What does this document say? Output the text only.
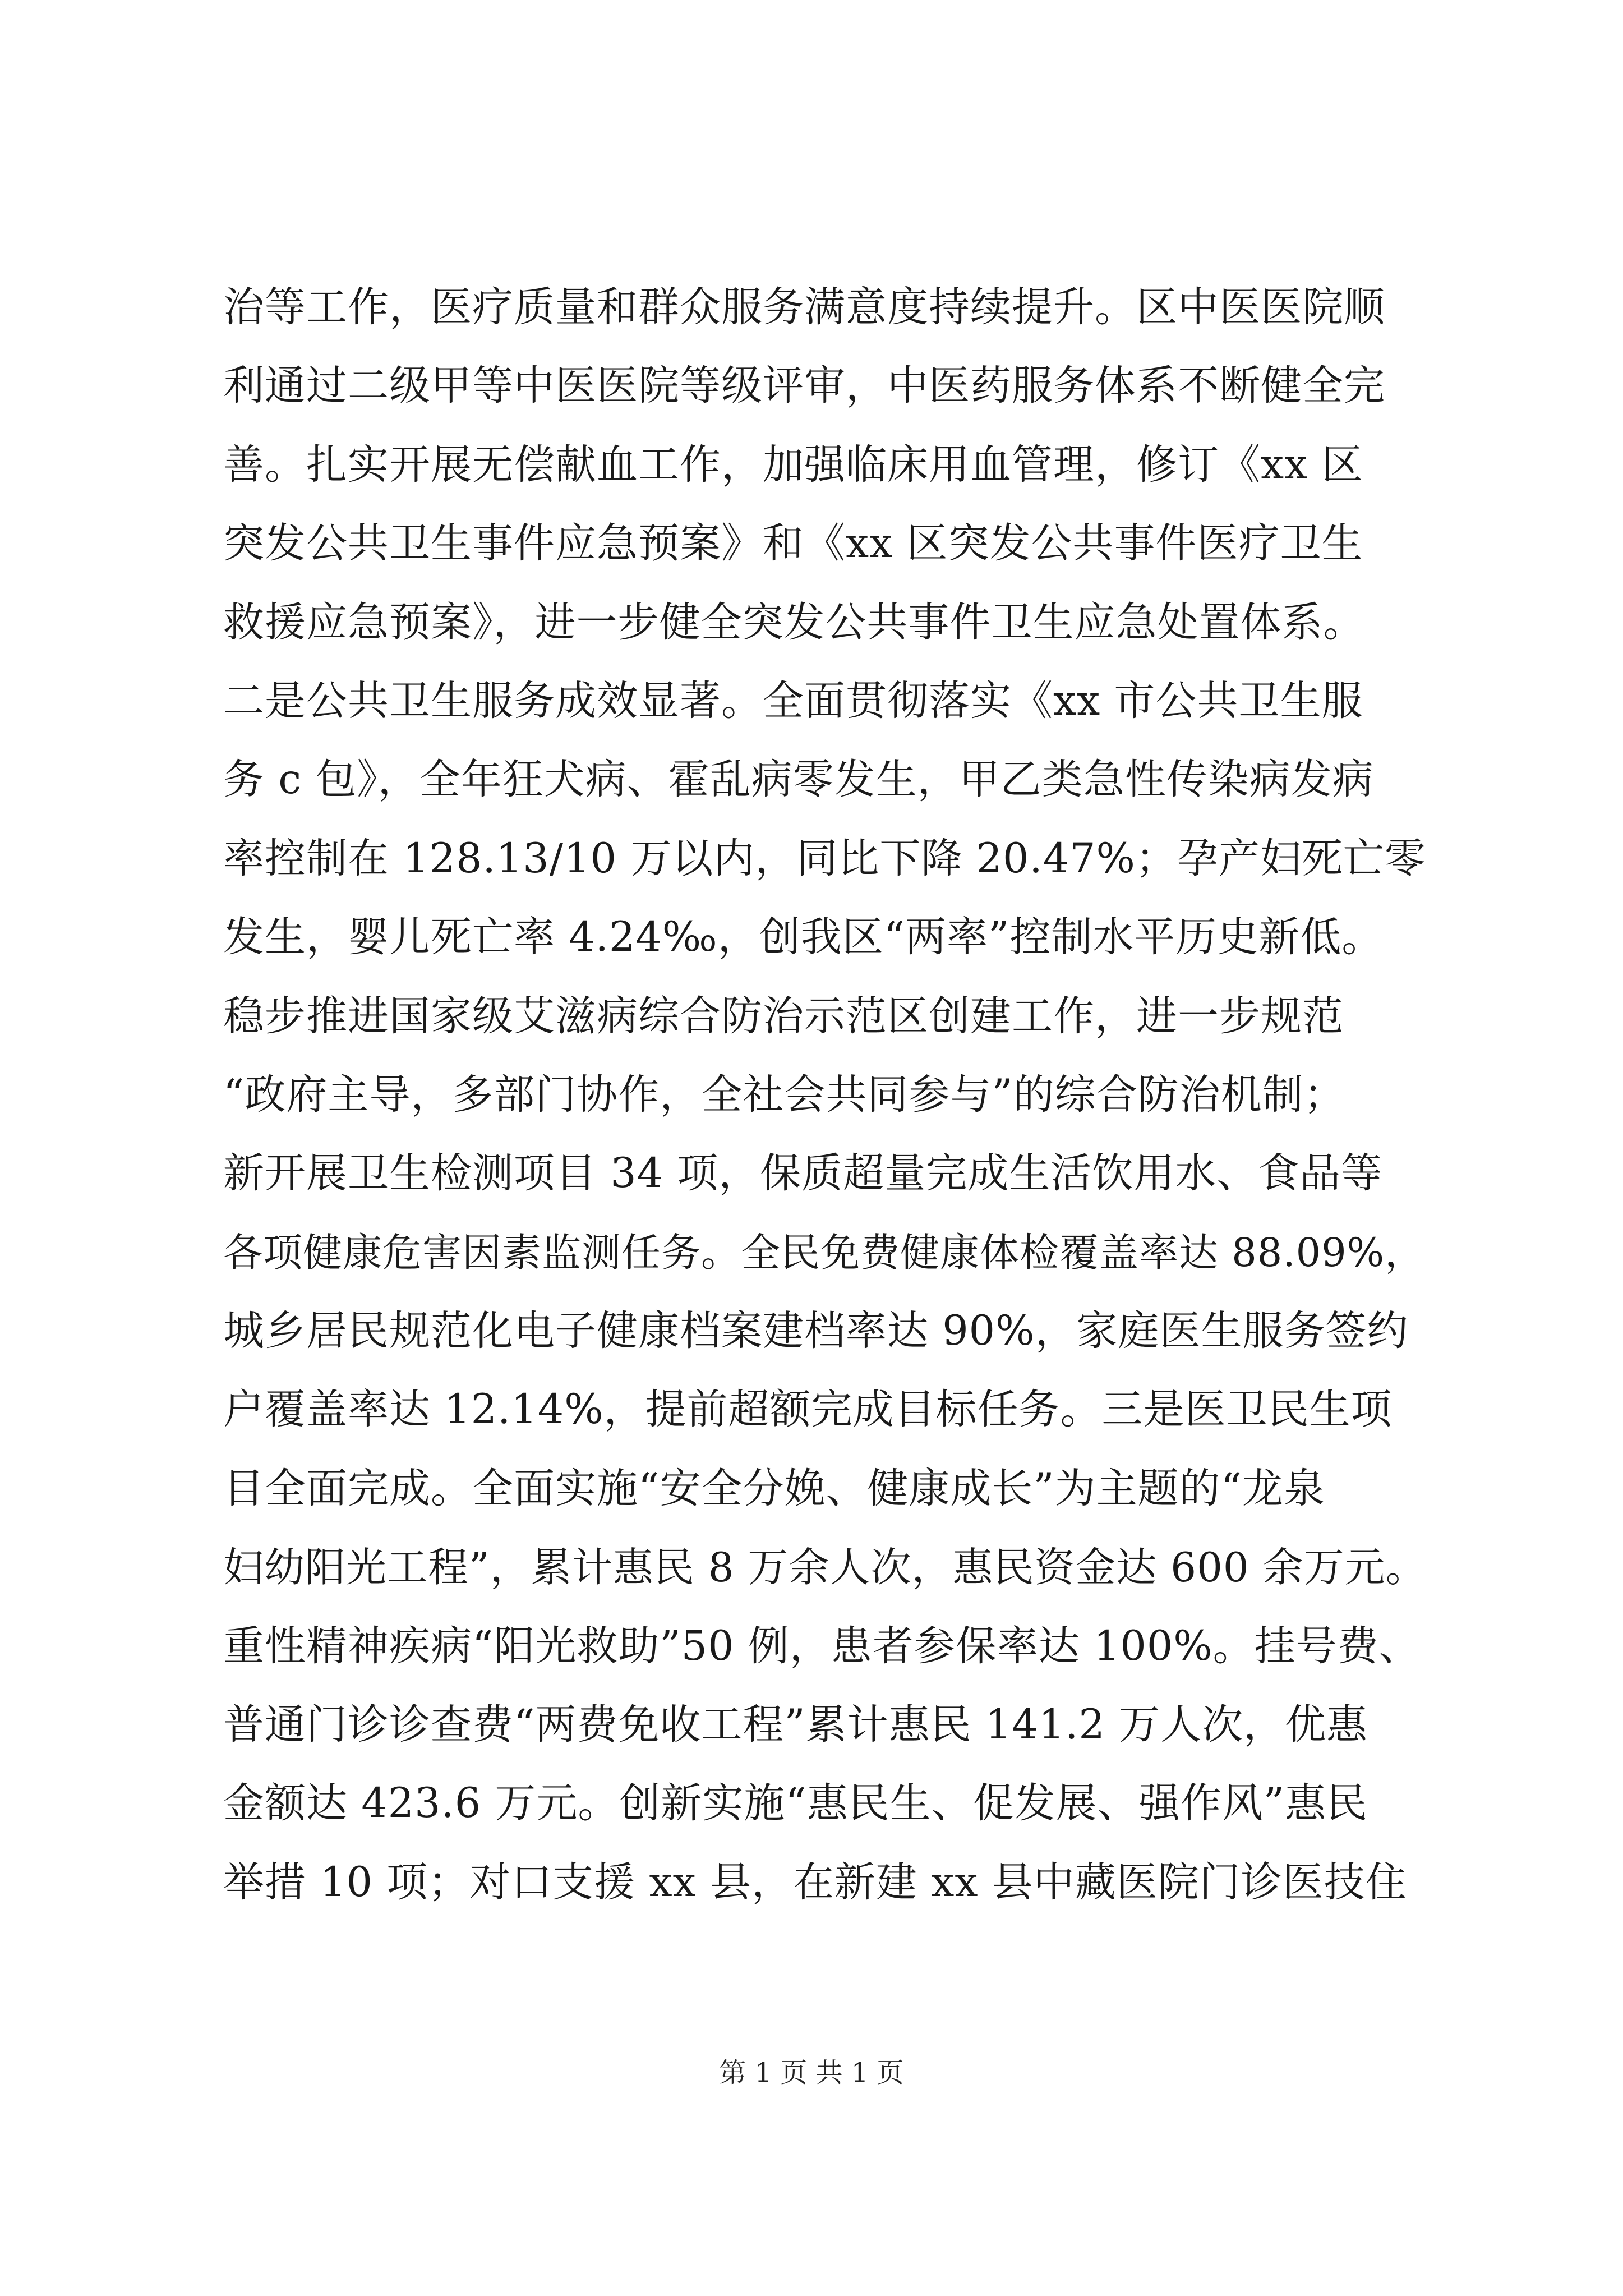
治等工作，医疗质量和群众服务满意度持续提升。区中医医院顺
利通过二级甲等中医医院等级评审，中医药服务体系不断健全完
善。扎实开展无偿献血工作，加强临床用血管理，修订《xx 区
突发公共卫生事件应急预案》和《xx 区突发公共事件医疗卫生
救援应急预案》，进一步健全突发公共事件卫生应急处置体系。
二是公共卫生服务成效显著。全面贯彻落实《xx 市公共卫生服
务 c 包》，全年狂犬病、霍乱病零发生，甲乙类急性传染病发病
率控制在 128.13/10 万以内，同比下降 20.47%；孕产妇死亡零
发生，婴儿死亡率 4.24‰，创我区“两率”控制水平历史新低。
稳步推进国家级艾滋病综合防治示范区创建工作，进一步规范
“政府主导，多部门协作，全社会共同参与”的综合防治机制；
新开展卫生检测项目 34 项，保质超量完成生活饮用水、食品等
各项健康危害因素监测任务。全民免费健康体检覆盖率达 88.09%，
城乡居民规范化电子健康档案建档率达 90%，家庭医生服务签约
户覆盖率达 12.14%，提前超额完成目标任务。三是医卫民生项
目全面完成。全面实施“安全分娩、健康成长”为主题的“龙泉
妇幼阳光工程”，累计惠民 8 万余人次，惠民资金达 600 余万元。
重性精神疾病“阳光救助”50 例，患者参保率达 100%。挂号费、
普通门诊诊查费“两费免收工程”累计惠民 141.2 万人次，优惠
金额达 423.6 万元。创新实施“惠民生、促发展、强作风”惠民
举措 10 项；对口支援 xx 县，在新建 xx 县中藏医院门诊医技住
第 1 页 共 1 页
